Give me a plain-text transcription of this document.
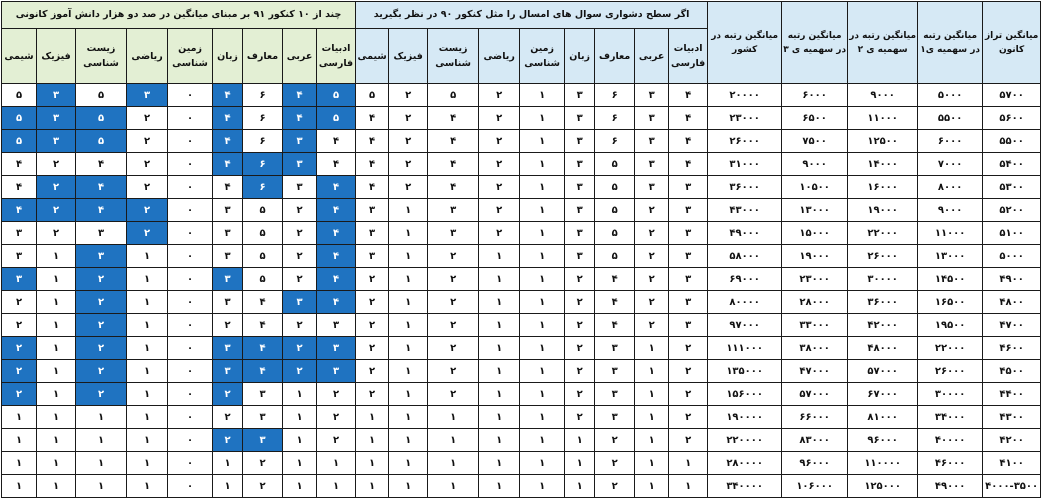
میانگین تراز کانون	میانگین رتبه در سهمیه ی۱	میانگین رتبه در سهمیه ی ۲	میانگین رتبه در سهمیه ی ۳	میانگین رتبه در کشور	اگر سطح دشواری سوال های امسال را مثل کنکور ۹۰ در نظر بگیرید									چند از ۱۰ کنکور ۹۱ بر مبنای میانگین در صد دو هزار دانش آموز کانونی								
					ادبیات فارسی	عربی	معارف	زبان	زمین شناسی	ریاضی	زیست شناسی	فیزیک	شیمی	ادبیات فارسی	عربی	معارف	زبان	زمین شناسی	ریاضی	زیست شناسی	فیزیک	شیمی
۵۷۰۰	۵۰۰۰	۹۰۰۰	۶۰۰۰	۲۰۰۰۰	۴	۳	۶	۳	۱	۲	۵	۲	۵	۵	۴	۶	۴	۰	۳	۵	۳	۵
۵۶۰۰	۵۵۰۰	۱۱۰۰۰	۶۵۰۰	۲۳۰۰۰	۴	۳	۶	۳	۱	۲	۴	۲	۴	۵	۴	۶	۴	۰	۲	۵	۳	۵
۵۵۰۰	۶۰۰۰	۱۲۵۰۰	۷۵۰۰	۲۶۰۰۰	۴	۳	۶	۳	۱	۲	۴	۲	۴	۴	۳	۶	۴	۰	۲	۵	۳	۵
۵۴۰۰	۷۰۰۰	۱۴۰۰۰	۹۰۰۰	۳۱۰۰۰	۴	۳	۵	۳	۱	۲	۴	۲	۴	۴	۳	۶	۴	۰	۲	۴	۲	۴
۵۳۰۰	۸۰۰۰	۱۶۰۰۰	۱۰۵۰۰	۳۶۰۰۰	۳	۳	۵	۳	۱	۲	۴	۲	۴	۴	۳	۶	۴	۰	۲	۴	۲	۴
۵۲۰۰	۹۰۰۰	۱۹۰۰۰	۱۳۰۰۰	۴۳۰۰۰	۳	۲	۵	۳	۱	۲	۳	۱	۳	۴	۲	۵	۳	۰	۲	۴	۲	۴
۵۱۰۰	۱۱۰۰۰	۲۲۰۰۰	۱۵۰۰۰	۴۹۰۰۰	۳	۲	۵	۳	۱	۲	۳	۱	۳	۴	۲	۵	۳	۰	۲	۳	۲	۳
۵۰۰۰	۱۳۰۰۰	۲۶۰۰۰	۱۹۰۰۰	۵۸۰۰۰	۳	۲	۵	۳	۱	۱	۲	۱	۳	۴	۲	۵	۳	۰	۱	۳	۱	۳
۴۹۰۰	۱۴۵۰۰	۳۰۰۰۰	۲۳۰۰۰	۶۹۰۰۰	۳	۲	۴	۲	۱	۱	۲	۱	۲	۴	۲	۵	۳	۰	۱	۲	۱	۳
۴۸۰۰	۱۶۵۰۰	۳۶۰۰۰	۲۸۰۰۰	۸۰۰۰۰	۳	۲	۴	۲	۱	۱	۲	۱	۲	۴	۳	۴	۳	۰	۱	۲	۱	۲
۴۷۰۰	۱۹۵۰۰	۴۲۰۰۰	۳۳۰۰۰	۹۷۰۰۰	۳	۲	۴	۲	۱	۱	۲	۱	۲	۳	۲	۴	۲	۰	۱	۲	۱	۲
۴۶۰۰	۲۲۰۰۰	۴۸۰۰۰	۳۸۰۰۰	۱۱۱۰۰۰	۲	۱	۳	۲	۱	۱	۲	۱	۲	۳	۲	۴	۳	۰	۱	۲	۱	۲
۴۵۰۰	۲۶۰۰۰	۵۷۰۰۰	۴۷۰۰۰	۱۳۵۰۰۰	۲	۱	۳	۲	۱	۱	۲	۱	۲	۳	۲	۴	۳	۰	۱	۲	۱	۲
۴۴۰۰	۳۰۰۰۰	۶۷۰۰۰	۵۷۰۰۰	۱۵۶۰۰۰	۲	۱	۳	۲	۱	۱	۲	۱	۲	۲	۱	۳	۲	۰	۱	۲	۱	۲
۴۳۰۰	۳۴۰۰۰	۸۱۰۰۰	۶۶۰۰۰	۱۹۰۰۰۰	۲	۱	۳	۲	۱	۱	۱	۱	۱	۲	۱	۳	۲	۰	۱	۱	۱	۱
۴۲۰۰	۴۰۰۰۰	۹۶۰۰۰	۸۳۰۰۰	۲۲۰۰۰۰	۲	۱	۲	۱	۱	۱	۱	۱	۱	۲	۱	۳	۲	۰	۱	۱	۱	۱
۴۱۰۰	۴۶۰۰۰	۱۱۰۰۰۰	۹۶۰۰۰	۲۸۰۰۰۰	۱	۱	۲	۱	۱	۱	۱	۱	۱	۱	۱	۲	۱	۰	۱	۱	۱	۱
۴۰۰۰-۳۵۰۰	۴۹۰۰۰	۱۲۵۰۰۰	۱۰۶۰۰۰	۳۴۰۰۰۰	۱	۱	۲	۱	۱	۱	۱	۱	۱	۱	۱	۲	۱	۰	۱	۱	۱	۱
